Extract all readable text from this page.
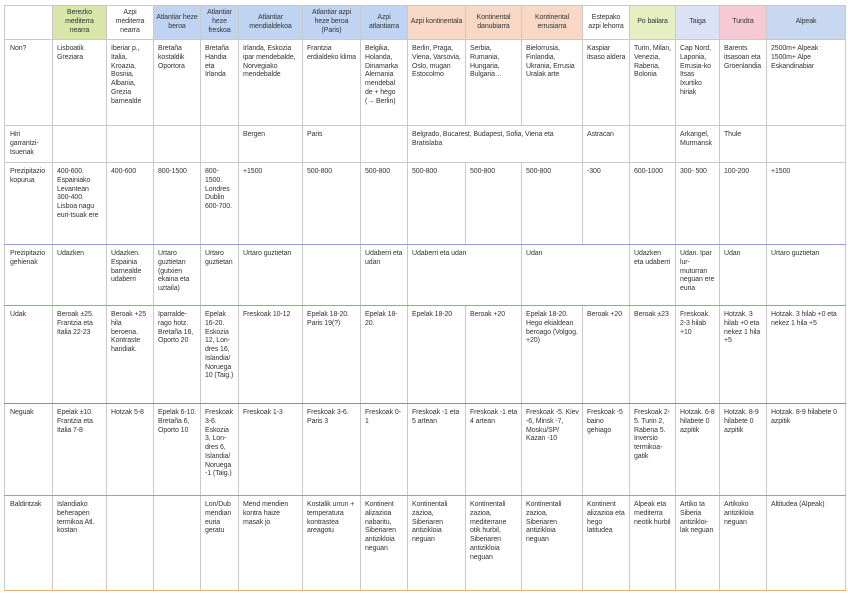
	Berezko mediterra nearra	Azpi mediterra nearra	Atlantiar heze beroa	Atlantiar heze freskoa	Atlantiar mendialdekoa	Atlantiar azpi heze beroa (Paris)	Azpi atlantiarra	Azpi kontinentala	Kontinental danubiarra	Kontinental errusiarra	Estepako azpi lehorra	Po bailara	Taiga	Tundra	Alpeak
Non?	Lisboatik Greziara	Iberiar p., Italia, Kroazia, Bosnia, Albania, Grezia barnealde	Bretaña kostaldik Oportora	Bretaña Handia eta Irlanda	Irlanda, Eskozia ipar mendebalde, Norvegiako mendebalde	Frantzia erdialdeko klima	Belgika, Holanda, Dinamarka Alemania mendebal de + hego (→ Berlin)	Berlin, Praga, Viena, Varsovia, Oslo, mugan Estocolmo	Serbia, Rumania, Hungaria, Bulgaria…	Bielorrusia, Finlandia, Ukrania, Errusia Uralak arte	Kaspiar itsaso aldera	Turin, Milan, Venezia, Rabena, Bolonia	Cap Nord, Laponia, Errusia-ko Itsas Ixurtiko hiriak	Barents itsasoan eta Groenlandia	2500m+ Alpeak 1500m+ Alpe Eskandinabiar
Hiri garrantzi-tsuenak					Bergen	Paris		Belgrado, Bucarest, Budapest, Sofia, Viena eta Bratislaba			Astracan		Arkangel, Murmansk	Thule	
Prezipitazio kopurua	400-600. Espainiako Levantean 300-400. Lisboa nagu euri-tsuak ere	400-600	800-1500	800-1500. Londres Dublin 600-700.	+1500	500-800	500-800	500-800	500-800	500-800	-300	600-1000	300- 500	100-200	+1500
Prezipitazio gehienak	Udazken	Udazken. Espainia barnealde udaberri	Urtaro guztietan (gutxien ekaina eta uztaila)	Urtaro guztietan	Urtaro guztietan		Udaberri eta udan	Udaberri eta udan		Udan		Udazken eta udaberri	Udan. Ipar lur-muturran neguan ere euria	Udan	Urtaro guztietan
Udak	Beroak ±25. Frantzia eta Italia 22-23	Beroak +25 hila beroena. Kontraste handiak.	Iparralde-rago hotz. Bretaña 16, Oporto 20	Epelak 16-20. Eskozia 12, Lon-dres 16, Islandia/ Noruega 10 (Taig.)	Freskoak 10-12	Epelak 18-20. Paris 19(?)	Epelak 18-20.	Epelak 18-20	Beroak +20	Epelak 18-20. Hego ekialdean beroago (Volgog. +20)	Beroak +20	Beroak ±23	Freskoak. 2-3 hilab +10	Hotzak. 3 hilab +0 eta nekez 1 hila +5	Hotzak. 3 hilab +0 eta nekez 1 hila +5
Neguak	Epelak ±10. Frantzia eta Italia 7-8	Hotzak 5-8	Epelak 6-10. Bretaña 6, Oporto 10	Freskoak 3-6. Eskozia 3, Lon-dres 6, Islandia/ Noruega -1 (Taig.)	Freskoak 1-3	Freskoak 3-6. Paris 3	Freskoak 0-1	Freskoak -1 eta 5 artean	Freskoak -1 eta 4 artean	Freskoak -5. Kiev -6, Minsk -7, Mosku/SP/ Kazan -10	Freskoak -5 baino gehiago	Freskoak 2-5. Turin 2, Rabena 5. Inversio termikoa-gatik	Hotzak. 6-8 hilabete 0 azpitik	Hotzak. 8-9 hilabete 0 azpitik	Hotzak. 8-9 hilabete 0 azpitik
Baldintzak	Islandiako beherapen termikoa Atl. kostan			Lon/Dub mendian euria geratu	Mend mendien kontra haize masak jo	Kostalik urrun + temperatura kontrastea areagotu	Kontinent alizazioa nabaritu, Siberiaren antizikloia neguan	Kontinentali zazioa, Siberiaren antizikloia neguan	Kontinentali zazioa, mediterrane otik hurbil, Siberiaren antizikloia neguan	Kontinentali zazioa, Siberiaren antizikloia neguan	Kontinent alizazioa eta hego latitudea	Alpeak eta mediterra neotik hurbil	Artiko ta Siberia antizikloi-lak neguan	Artikoko antizikloia neguan	Altitudea (Alpeak)
